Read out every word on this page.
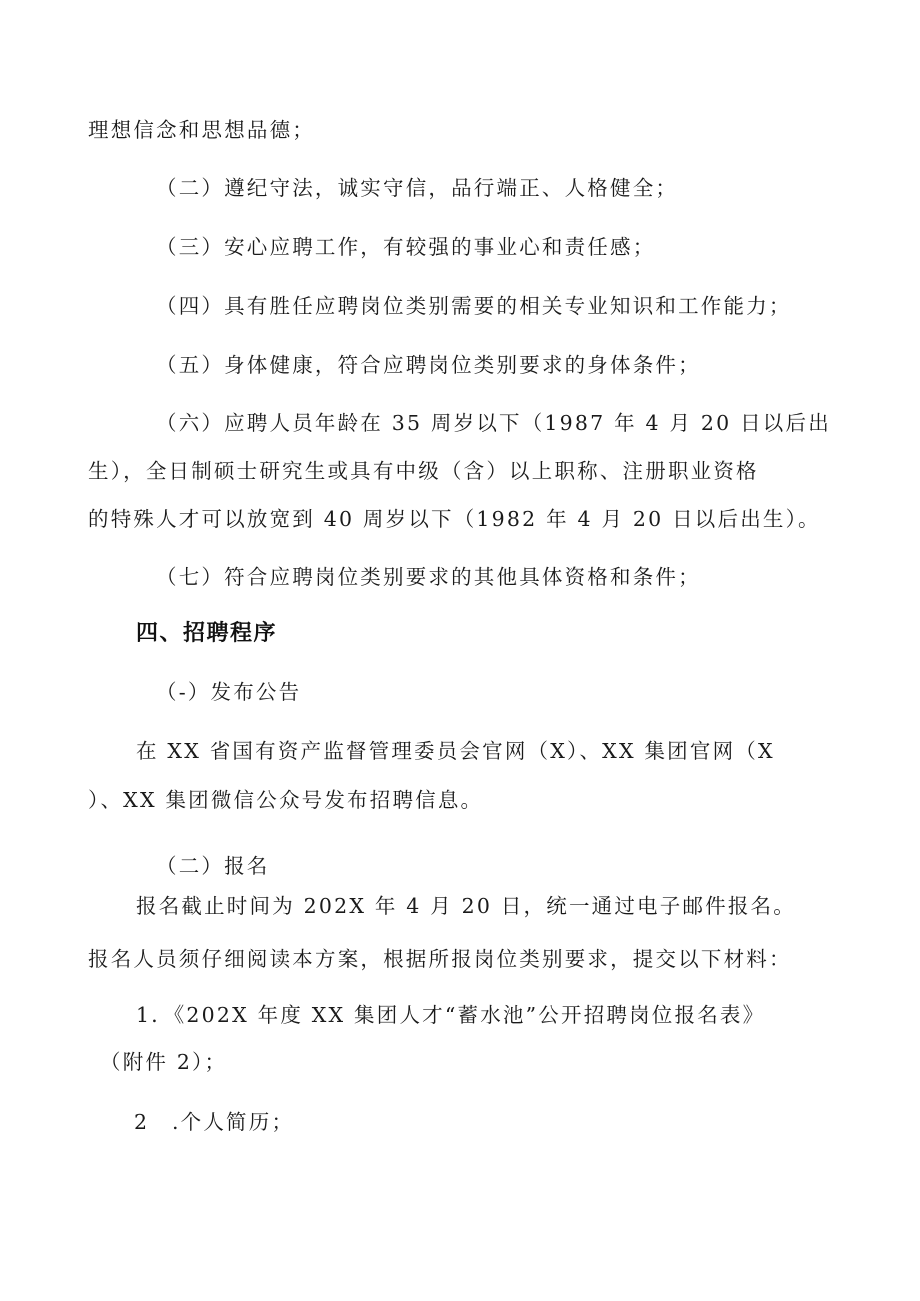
理想信念和思想品德；
（二）遵纪守法，诚实守信，品行端正、人格健全；
（三）安心应聘工作，有较强的事业心和责任感；
（四）具有胜任应聘岗位类别需要的相关专业知识和工作能力；
（五）身体健康，符合应聘岗位类别要求的身体条件；
（六）应聘人员年龄在 35 周岁以下（1987 年 4 月 20 日以后出
生），全日制硕士研究生或具有中级（含）以上职称、注册职业资格
的特殊人才可以放宽到 40 周岁以下（1982 年 4 月 20 日以后出生）。
（七）符合应聘岗位类别要求的其他具体资格和条件；
四、招聘程序
（-）发布公告
在 XX 省国有资产监督管理委员会官网（X）、XX 集团官网（X
）、XX 集团微信公众号发布招聘信息。
（二）报名
报名截止时间为 202X 年 4 月 20 日，统一通过电子邮件报名。
报名人员须仔细阅读本方案，根据所报岗位类别要求，提交以下材料：
1．《202X 年度 XX 集团人才“蓄水池”公开招聘岗位报名表》
（附件 2）；
2　.个人简历；
